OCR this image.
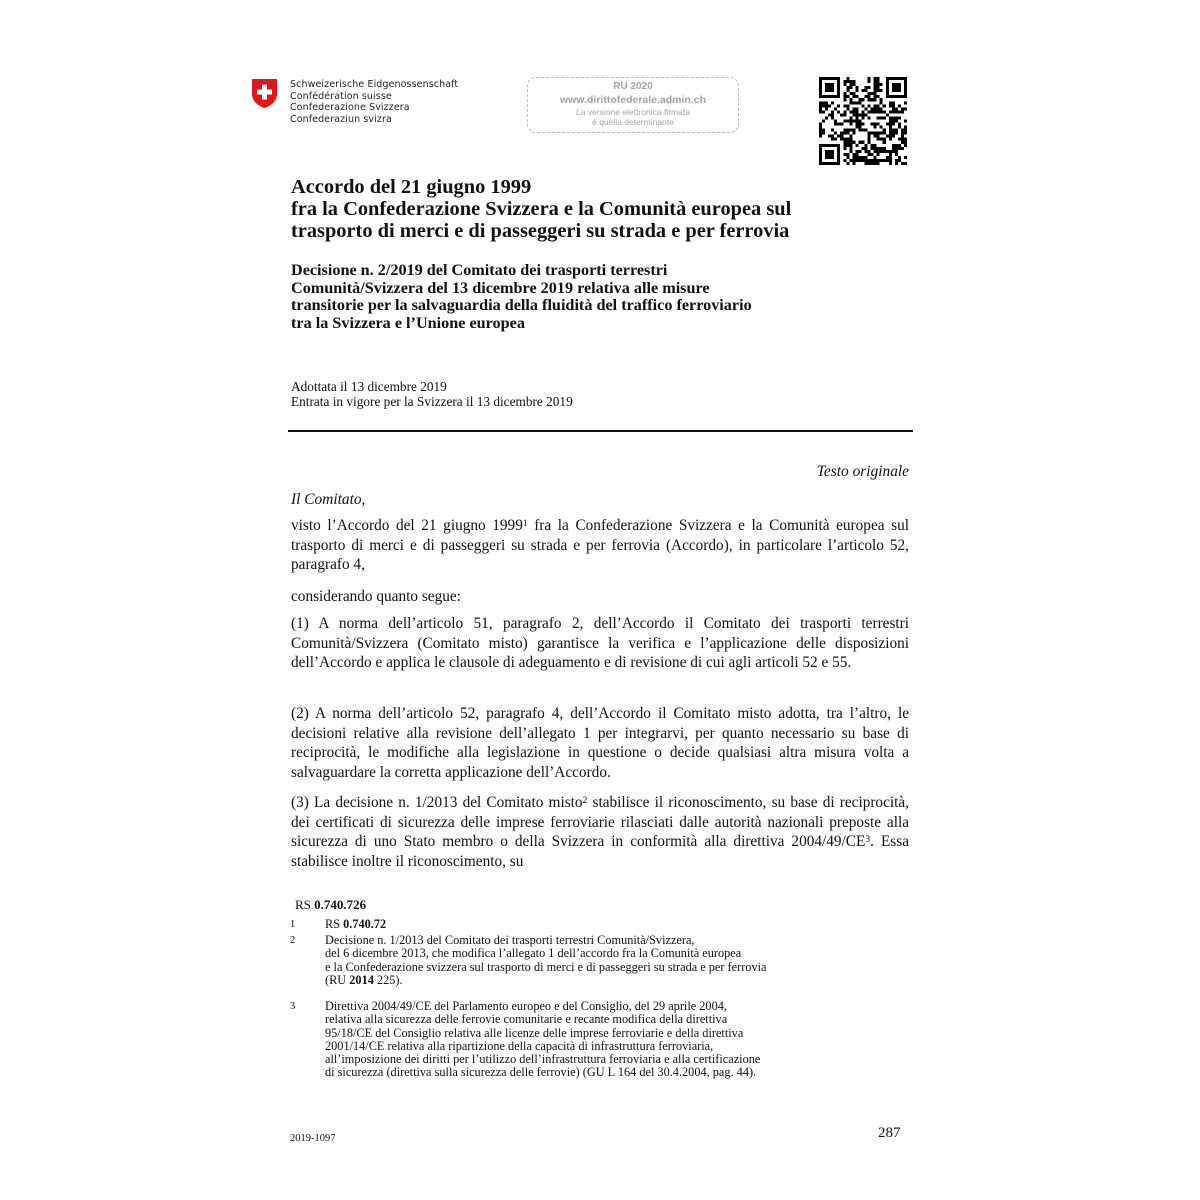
Schweizerische Eidgenossenschaft
Confédération suisse
Confederazione Svizzera
Confederaziun svizra
RU 2020
www.dirittofederale.admin.ch
La versione elettronica firmata
è quella determinante
Accordo del 21 giugno 1999
fra la Confederazione Svizzera e la Comunità europea sul
trasporto di merci e di passeggeri su strada e per ferrovia
Decisione n. 2/2019 del Comitato dei trasporti terrestri
Comunità/Svizzera del 13 dicembre 2019 relativa alle misure
transitorie per la salvaguardia della fluidità del traffico ferroviario
tra la Svizzera e l’Unione europea
Adottata il 13 dicembre 2019
Entrata in vigore per la Svizzera il 13 dicembre 2019
Testo originale
Il Comitato,
visto l’Accordo del 21 giugno 1999$^1$ fra la Confederazione Svizzera e la Comunità europea sul trasporto di merci e di passeggeri su strada e per ferrovia (Accordo), in particolare l’articolo 52, paragrafo 4,
considerando quanto segue:
(1) A norma dell’articolo 51, paragrafo 2, dell’Accordo il Comitato dei trasporti terrestri Comunità/Svizzera (Comitato misto) garantisce la verifica e l’applicazione delle disposizioni dell’Accordo e applica le clausole di adeguamento e di revisione di cui agli articoli 52 e 55.
(2) A norma dell’articolo 52, paragrafo 4, dell’Accordo il Comitato misto adotta, tra l’altro, le decisioni relative alla revisione dell’allegato 1 per integrarvi, per quanto necessario su base di reciprocità, le modifiche alla legislazione in questione o decide qualsiasi altra misura volta a salvaguardare la corretta applicazione dell’Accordo.
(3) La decisione n. 1/2013 del Comitato misto$^2$ stabilisce il riconoscimento, su base di reciprocità, dei certificati di sicurezza delle imprese ferroviarie rilasciati dalle autorità nazionali preposte alla sicurezza di uno Stato membro o della Svizzera in conformità alla direttiva $2004/49/CE^3$. Essa stabilisce inoltre il riconoscimento, su
RS 0.740.726
1	RS 0.740.72
2	Decisione n. 1/2013 del Comitato dei trasporti terrestri Comunità/Svizzera,
del 6 dicembre 2013, che modifica l’allegato 1 dell’accordo fra la Comunità europea
e la Confederazione svizzera sul trasporto di merci e di passeggeri su strada e per ferrovia
(RU 2014 225).
3	Direttiva 2004/49/CE del Parlamento europeo e del Consiglio, del 29 aprile 2004,
relativa alla sicurezza delle ferrovie comunitarie e recante modifica della direttiva
95/18/CE del Consiglio relativa alle licenze delle imprese ferroviarie e della direttiva
2001/14/CE relativa alla ripartizione della capacità di infrastruttura ferroviaria,
all’imposizione dei diritti per l’utilizzo dell’infrastruttura ferroviaria e alla certificazione
di sicurezza (direttiva sulla sicurezza delle ferrovie) (GU L 164 del 30.4.2004, pag. 44).
2019-1097	287
